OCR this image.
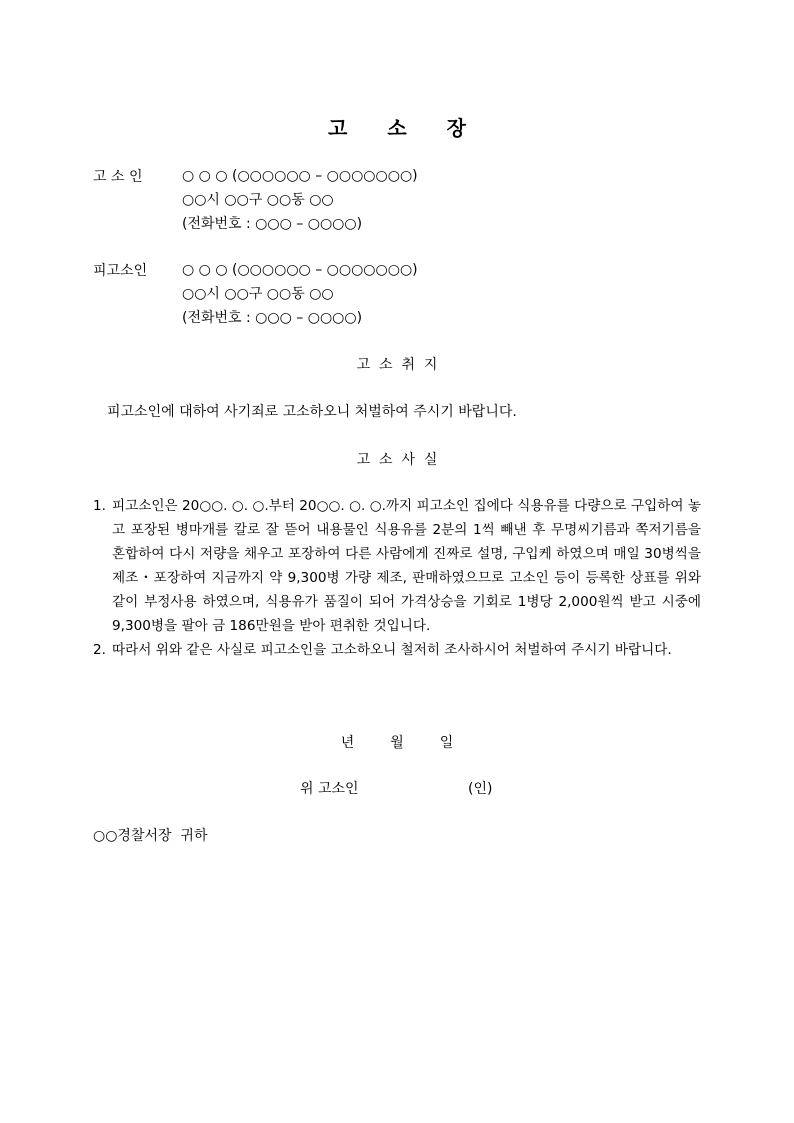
고 소 장
고 소 인	○ ○ ○ (○○○○○○ – ○○○○○○○)
○○시 ○○구 ○○동 ○○
(전화번호 : ○○○ – ○○○○)
피고소인	○ ○ ○ (○○○○○○ – ○○○○○○○)
○○시 ○○구 ○○동 ○○
(전화번호 : ○○○ – ○○○○)
고  소  취  지
피고소인에 대하여 사기죄로 고소하오니 처벌하여 주시기 바랍니다.
고  소  사  실
1. 피고소인은 20○○. ○. ○.부터 20○○. ○. ○.까지 피고소인 집에다 식용유를 다량으로 구입하여 놓고 포장된 병마개를 칼로 잘 뜯어 내용물인 식용유를 2분의 1씩 빼낸 후 무명씨기름과 쪽저기름을 혼합하여 다시 저량을 채우고 포장하여 다른 사람에게 진짜로 설명, 구입케 하였으며 매일 30병씩을 제조・포장하여 지금까지 약 9,300병 가량 제조, 판매하였으므로 고소인 등이 등록한 상표를 위와 같이 부정사용 하였으며, 식용유가 품질이 되어 가격상승을 기회로 1병당 2,000원씩 받고 시중에 9,300병을 팔아 금 186만원을 받아 편취한 것입니다.
2. 따라서 위와 같은 사실로 피고소인을 고소하오니 철저히 조사하시어 처벌하여 주시기 바랍니다.
년	월	일
위 고소인	(인)
○○경찰서장  귀하
